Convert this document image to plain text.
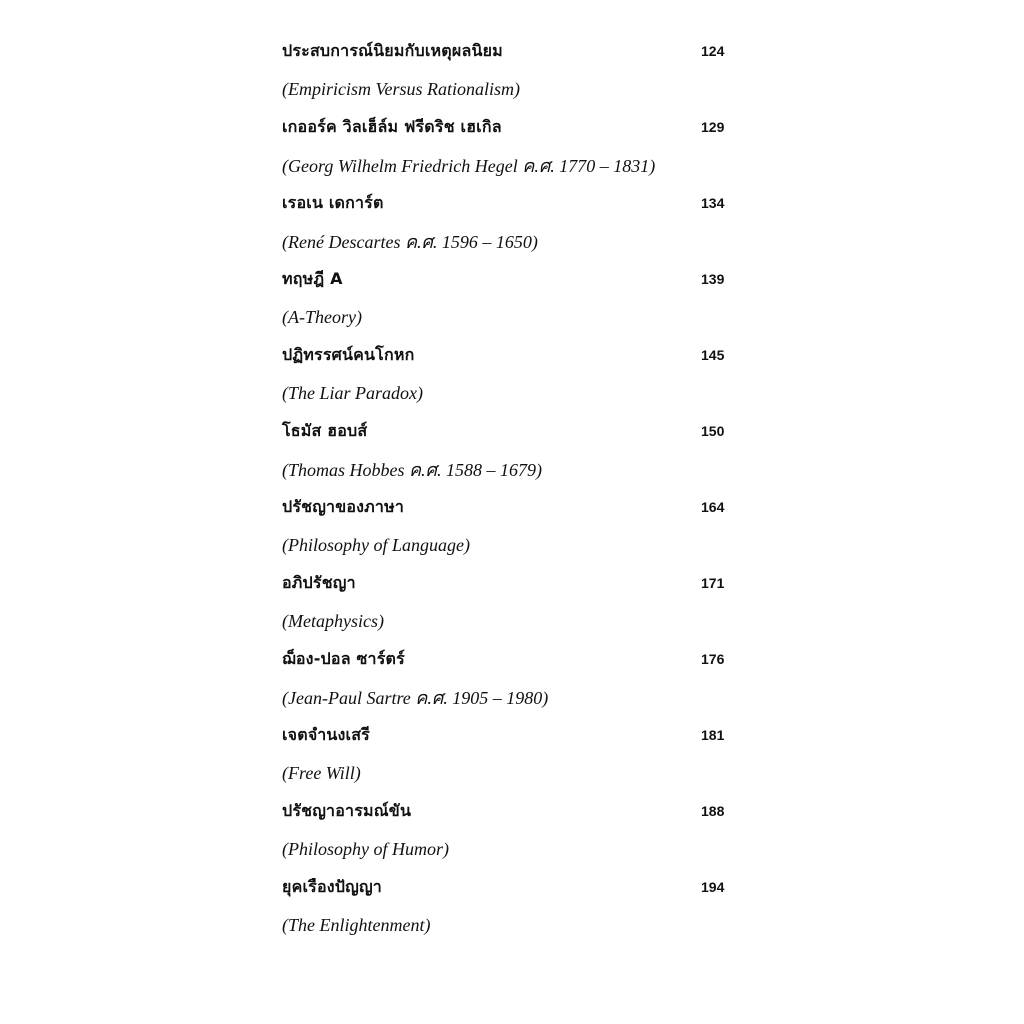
ประสบการณ์นิยมกับเหตุผลนิยม	124
(Empiricism Versus Rationalism)
เกออร์ค วิลเฮ็ล์ม ฟรีดริช เฮเกิล	129
(Georg Wilhelm Friedrich Hegel ค.ศ. 1770 – 1831)
เรอเน เดการ์ต	134
(René Descartes ค.ศ. 1596 – 1650)
ทฤษฎี A	139
(A-Theory)
ปฏิทรรศน์คนโกหก	145
(The Liar Paradox)
โธมัส ฮอบส์	150
(Thomas Hobbes ค.ศ. 1588 – 1679)
ปรัชญาของภาษา	164
(Philosophy of Language)
อภิปรัชญา	171
(Metaphysics)
ฌ็อง-ปอล ซาร์ตร์	176
(Jean-Paul Sartre ค.ศ. 1905 – 1980)
เจตจำนงเสรี	181
(Free Will)
ปรัชญาอารมณ์ขัน	188
(Philosophy of Humor)
ยุคเรืองปัญญา	194
(The Enlightenment)
